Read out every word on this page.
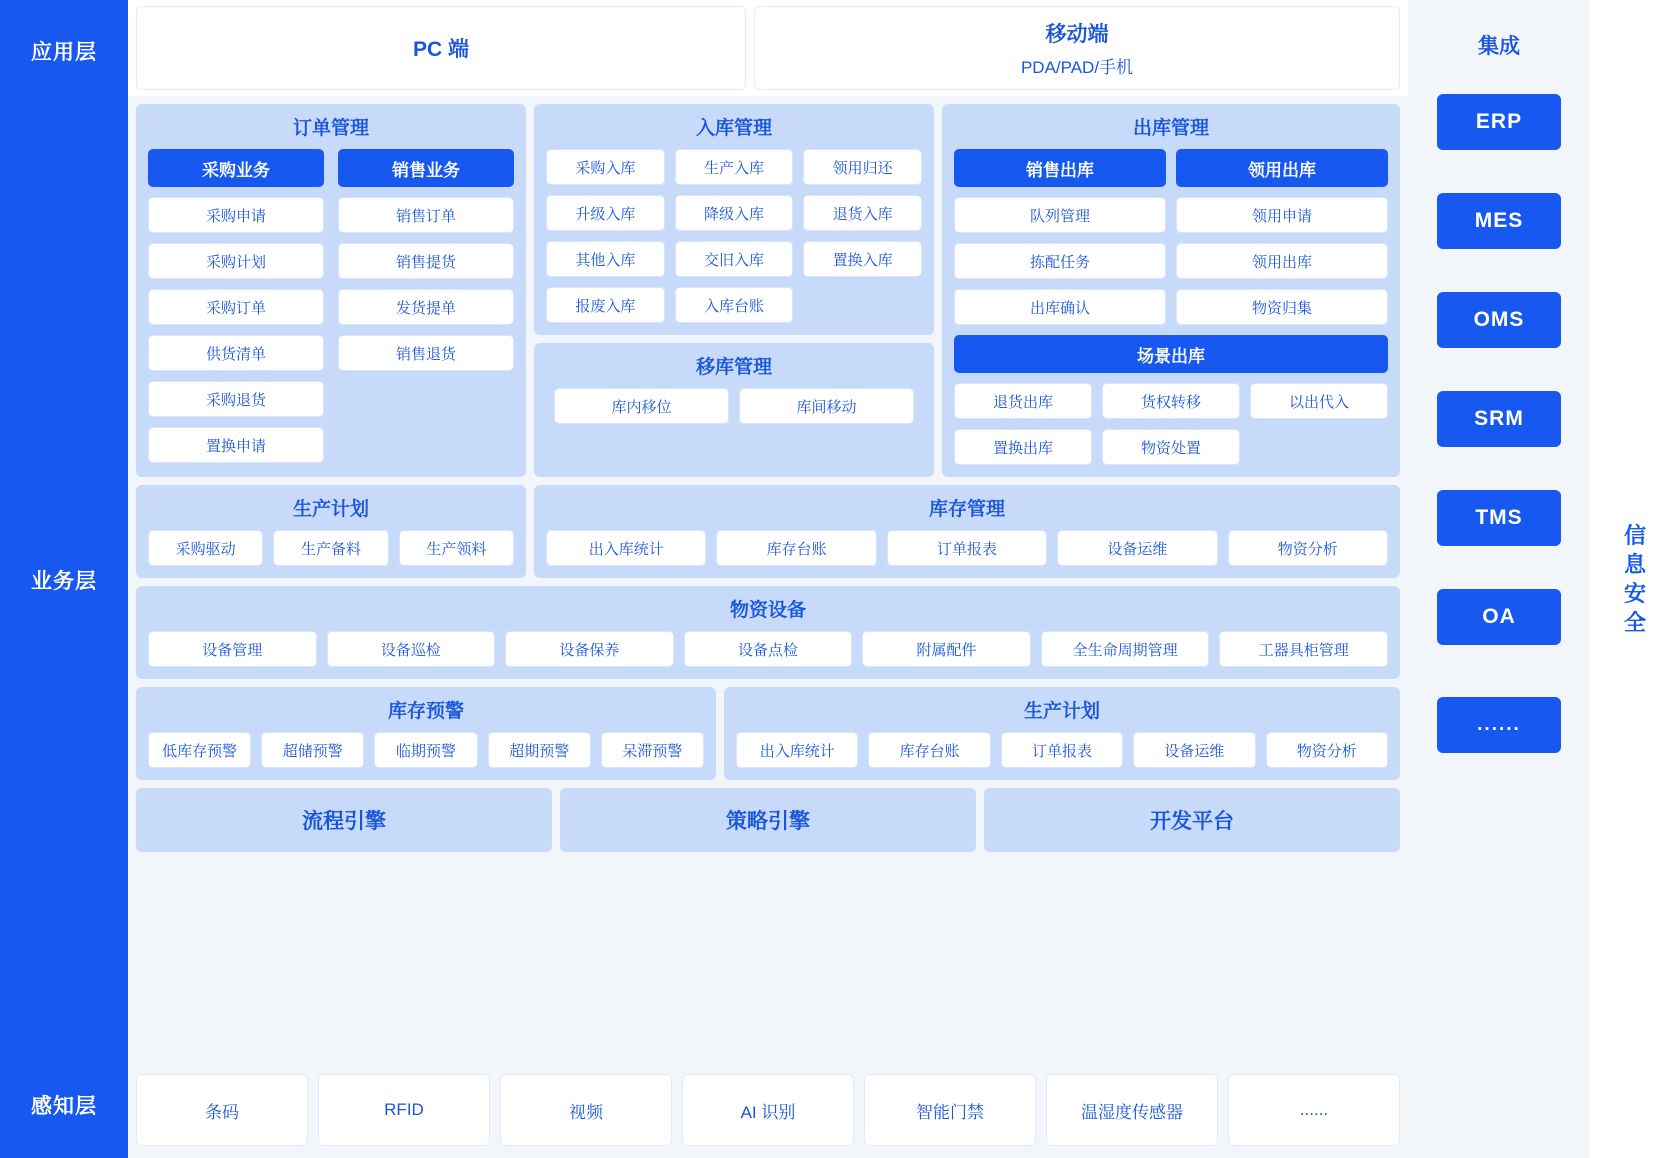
应用层
业务层
感知层
PC 端
移动端
PDA/PAD/手机
订单管理
采购业务	销售业务
采购申请	销售订单
采购计划	销售提货
采购订单	发货提单
供货清单	销售退货
采购退货
置换申请
入库管理
采购入库	生产入库	领用归还
升级入库	降级入库	退货入库
其他入库	交旧入库	置换入库
报废入库	入库台账
移库管理
库内移位	库间移动
出库管理
销售出库	领用出库
队列管理	领用申请
拣配任务	领用出库
出库确认	物资归集
场景出库
退货出库	货权转移	以出代入
置换出库	物资处置
生产计划
采购驱动	生产备料	生产领料
库存管理
出入库统计	库存台账	订单报表	设备运维	物资分析
物资设备
设备管理	设备巡检	设备保养	设备点检	附属配件	全生命周期管理	工器具柜管理
库存预警
低库存预警	超储预警	临期预警	超期预警	呆滞预警
生产计划
出入库统计	库存台账	订单报表	设备运维	物资分析
流程引擎	策略引擎	开发平台
条码	RFID	视频	AI 识别	智能门禁	温湿度传感器	......
集成
ERP
MES
OMS
SRM
TMS
OA
......
信息安全
